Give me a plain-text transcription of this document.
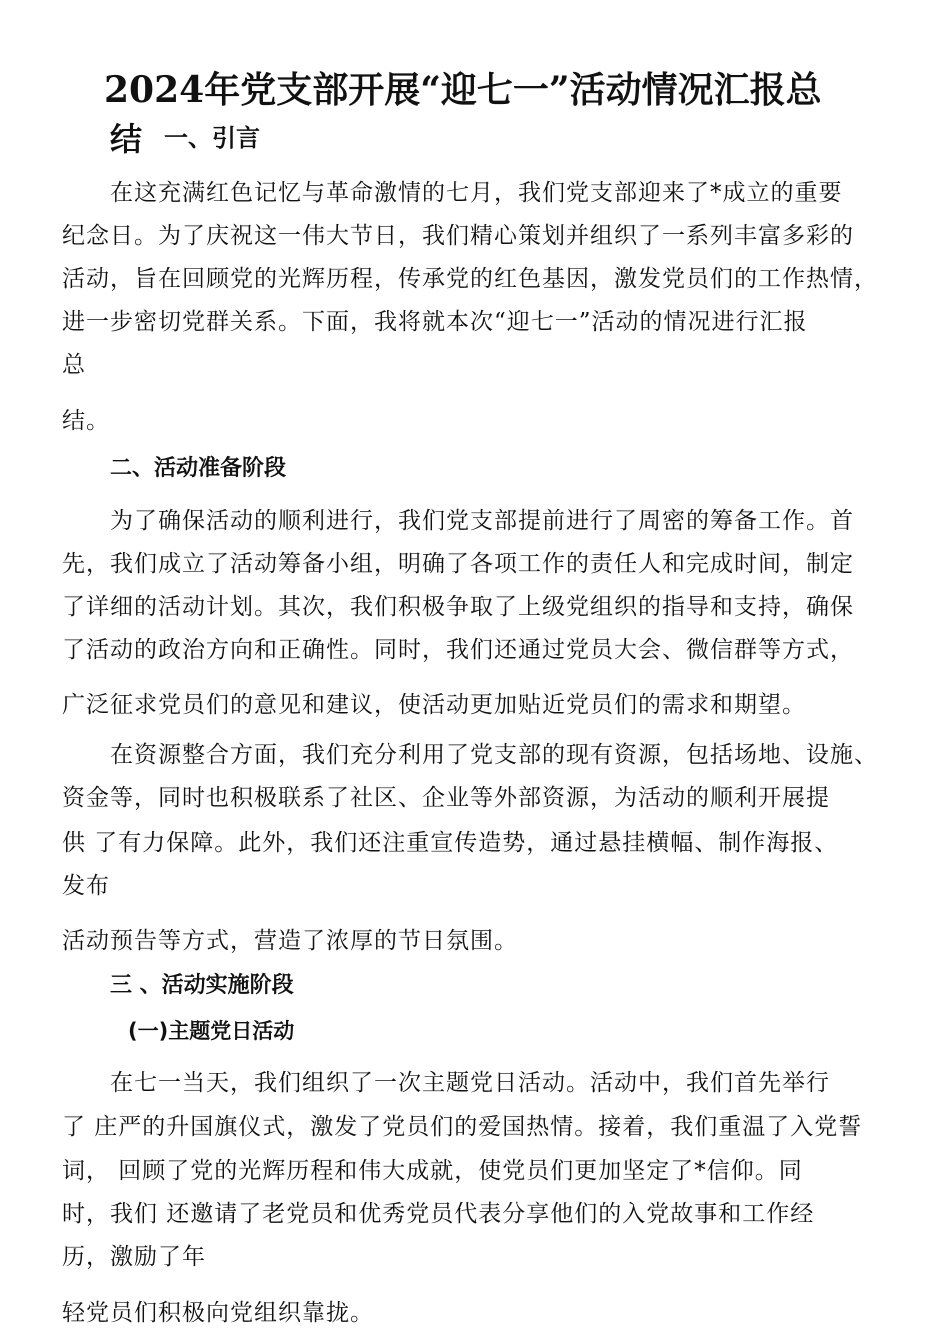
2024年党支部开展“迎七一”活动情况汇报总
结 一、引言
在这充满红色记忆与革命激情的七月，我们党支部迎来了*成立的重要
纪念日。为了庆祝这一伟大节日，我们精心策划并组织了一系列丰富多彩的
活动，旨在回顾党的光辉历程，传承党的红色基因，激发党员们的工作热情，
进一步密切党群关系。下面，我将就本次“迎七一”活动的情况进行汇报
总
结。
二、活动准备阶段
为了确保活动的顺利进行，我们党支部提前进行了周密的筹备工作。首
先，我们成立了活动筹备小组，明确了各项工作的责任人和完成时间，制定
了详细的活动计划。其次，我们积极争取了上级党组织的指导和支持，确保
了活动的政治方向和正确性。同时，我们还通过党员大会、微信群等方式，
广泛征求党员们的意见和建议，使活动更加贴近党员们的需求和期望。
在资源整合方面，我们充分利用了党支部的现有资源，包括场地、设施、
资金等，同时也积极联系了社区、企业等外部资源，为活动的顺利开展提
供 了有力保障。此外，我们还注重宣传造势，通过悬挂横幅、制作海报、
发布
活动预告等方式，营造了浓厚的节日氛围。
三 、活动实施阶段
(一)主题党日活动
在七一当天，我们组织了一次主题党日活动。活动中，我们首先举行
了 庄严的升国旗仪式，激发了党员们的爱国热情。接着，我们重温了入党誓
词， 回顾了党的光辉历程和伟大成就，使党员们更加坚定了*信仰。同
时，我们 还邀请了老党员和优秀党员代表分享他们的入党故事和工作经
历，激励了年
轻党员们积极向党组织靠拢。
